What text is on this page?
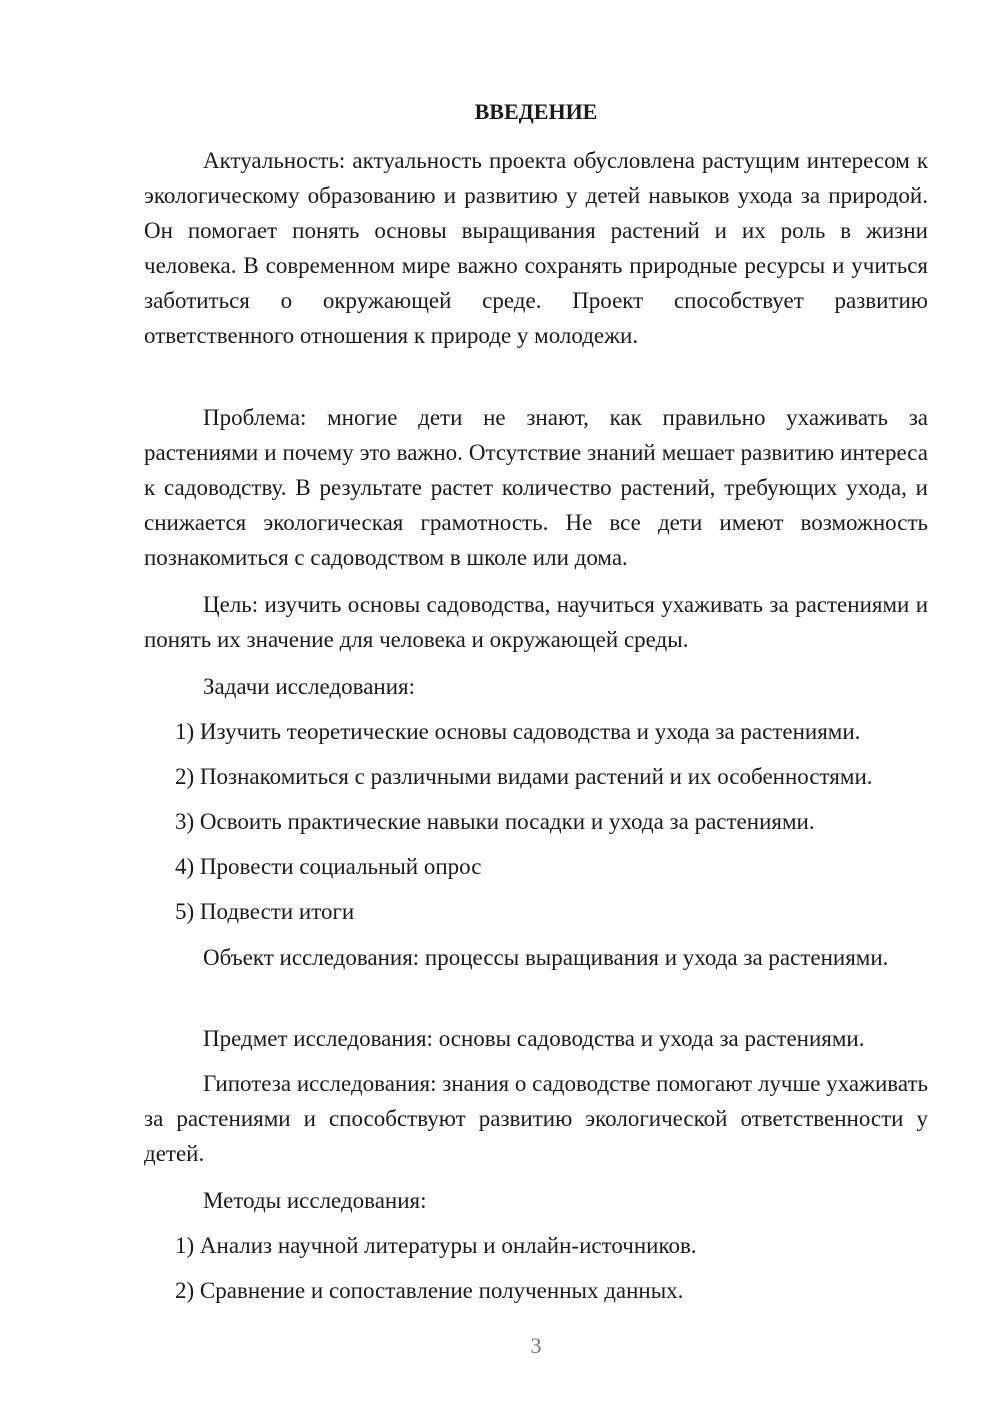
ВВЕДЕНИЕ

Актуальность: актуальность проекта обусловлена растущим интересом к экологическому образованию и развитию у детей навыков ухода за природой. Он помогает понять основы выращивания растений и их роль в жизни человека. В современном мире важно сохранять природные ресурсы и учиться заботиться о окружающей среде. Проект способствует развитию ответственного отношения к природе у молодежи.

Проблема: многие дети не знают, как правильно ухаживать за растениями и почему это важно. Отсутствие знаний мешает развитию интереса к садоводству. В результате растет количество растений, требующих ухода, и снижается экологическая грамотность. Не все дети имеют возможность познакомиться с садоводством в школе или дома.

Цель: изучить основы садоводства, научиться ухаживать за растениями и понять их значение для человека и окружающей среды.

Задачи исследования:

1) Изучить теоретические основы садоводства и ухода за растениями.

2) Познакомиться с различными видами растений и их особенностями.

3) Освоить практические навыки посадки и ухода за растениями.

4) Провести социальный опрос

5) Подвести итоги

Объект исследования: процессы выращивания и ухода за растениями.

Предмет исследования: основы садоводства и ухода за растениями.

Гипотеза исследования: знания о садоводстве помогают лучше ухаживать за растениями и способствуют развитию экологической ответственности у детей.

Методы исследования:

1) Анализ научной литературы и онлайн-источников.

2) Сравнение и сопоставление полученных данных.

3
